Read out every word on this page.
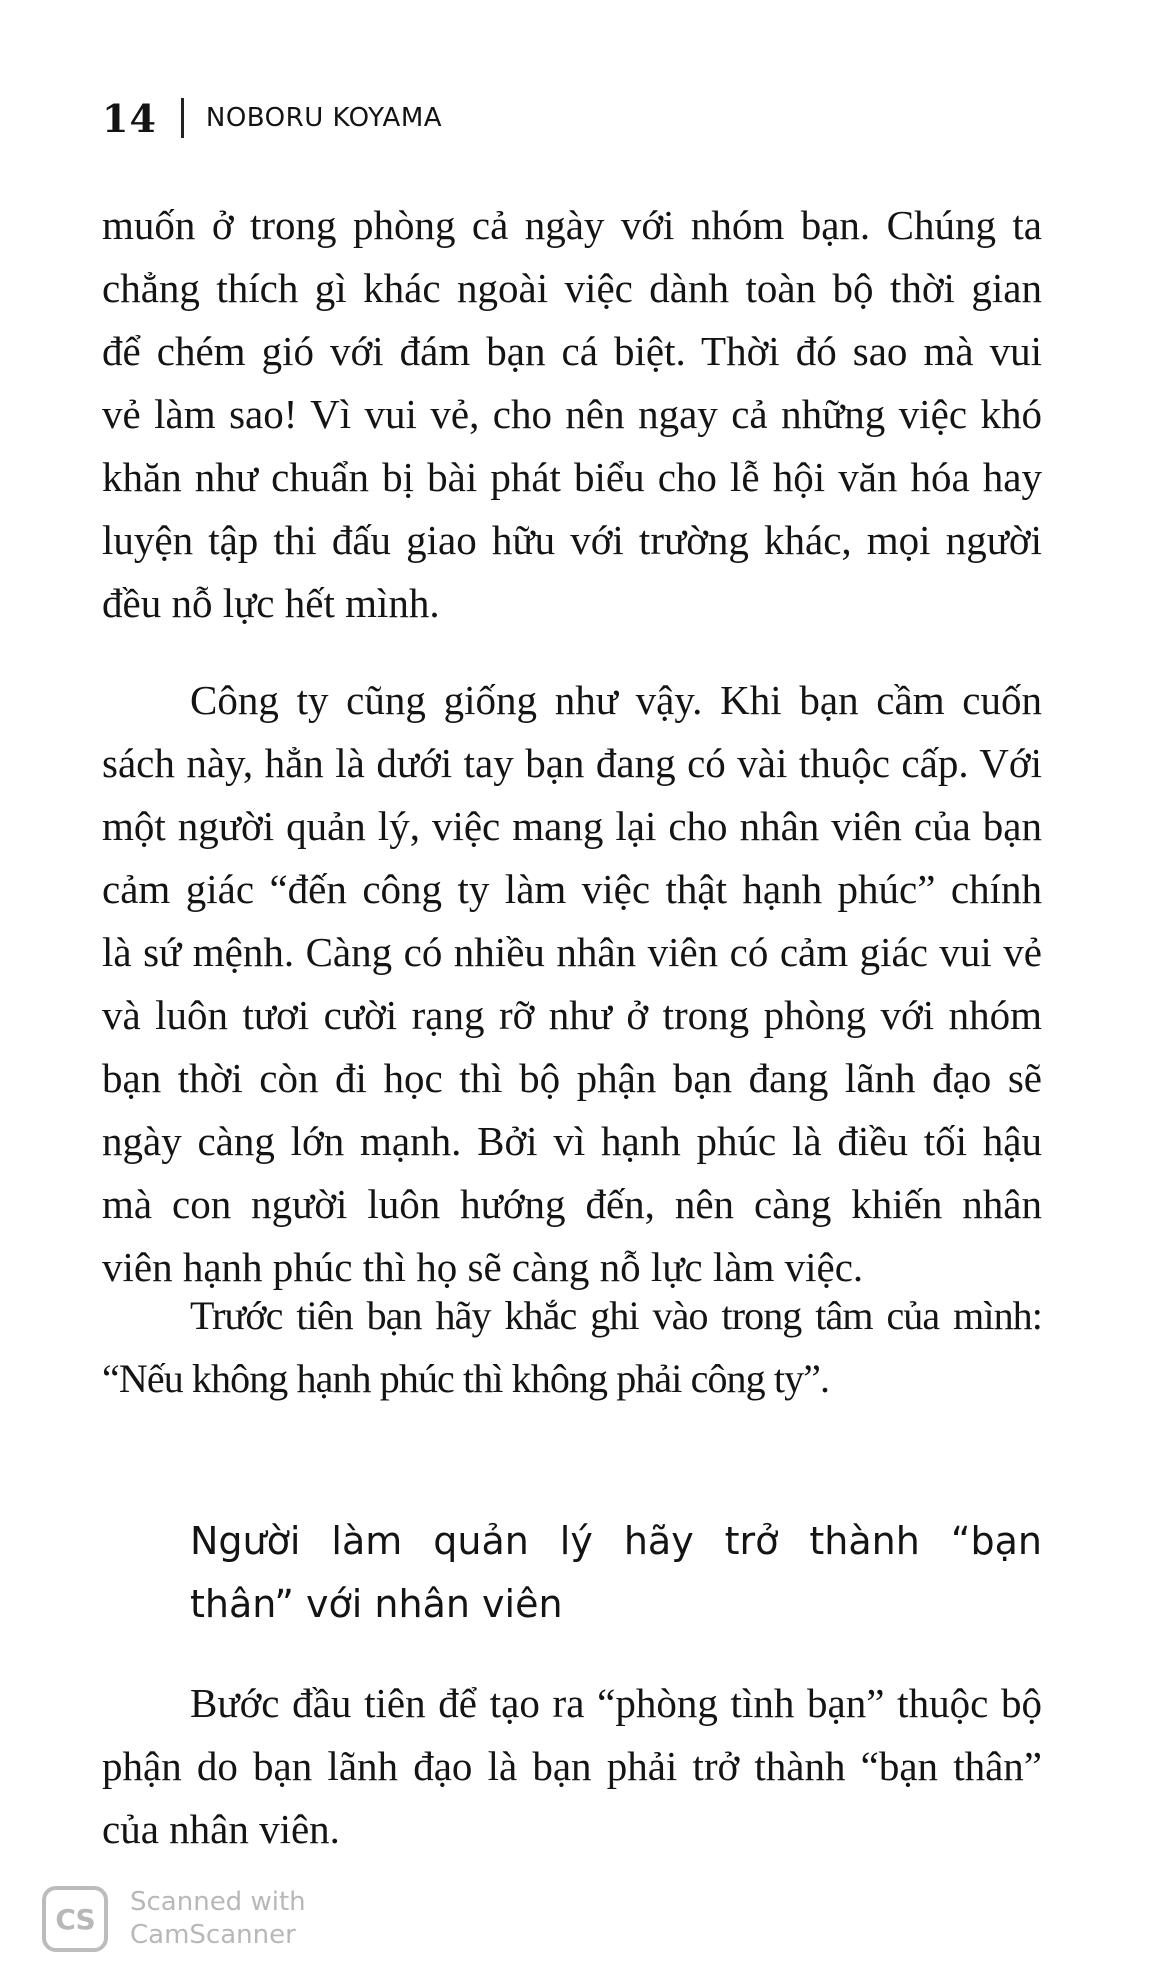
14 NOBORU KOYAMA

muốn ở trong phòng cả ngày với nhóm bạn. Chúng ta
chẳng thích gì khác ngoài việc dành toàn bộ thời gian
để chém gió với đám bạn cá biệt. Thời đó sao mà vui
vẻ làm sao! Vì vui vẻ, cho nên ngay cả những việc khó
khăn như chuẩn bị bài phát biểu cho lễ hội văn hóa hay
luyện tập thi đấu giao hữu với trường khác, mọi người
đều nỗ lực hết mình.

Công ty cũng giống như vậy. Khi bạn cầm cuốn
sách này, hẳn là dưới tay bạn đang có vài thuộc cấp. Với
một người quản lý, việc mang lại cho nhân viên của bạn
cảm giác “đến công ty làm việc thật hạnh phúc” chính
là sứ mệnh. Càng có nhiều nhân viên có cảm giác vui vẻ
và luôn tươi cười rạng rỡ như ở trong phòng với nhóm
bạn thời còn đi học thì bộ phận bạn đang lãnh đạo sẽ
ngày càng lớn mạnh. Bởi vì hạnh phúc là điều tối hậu
mà con người luôn hướng đến, nên càng khiến nhân
viên hạnh phúc thì họ sẽ càng nỗ lực làm việc.

Trước tiên bạn hãy khắc ghi vào trong tâm của mình:
“Nếu không hạnh phúc thì không phải công ty”.

Người làm quản lý hãy trở thành “bạn
thân” với nhân viên

Bước đầu tiên để tạo ra “phòng tình bạn” thuộc bộ
phận do bạn lãnh đạo là bạn phải trở thành “bạn thân”
của nhân viên.

CS
Scanned with
CamScanner
